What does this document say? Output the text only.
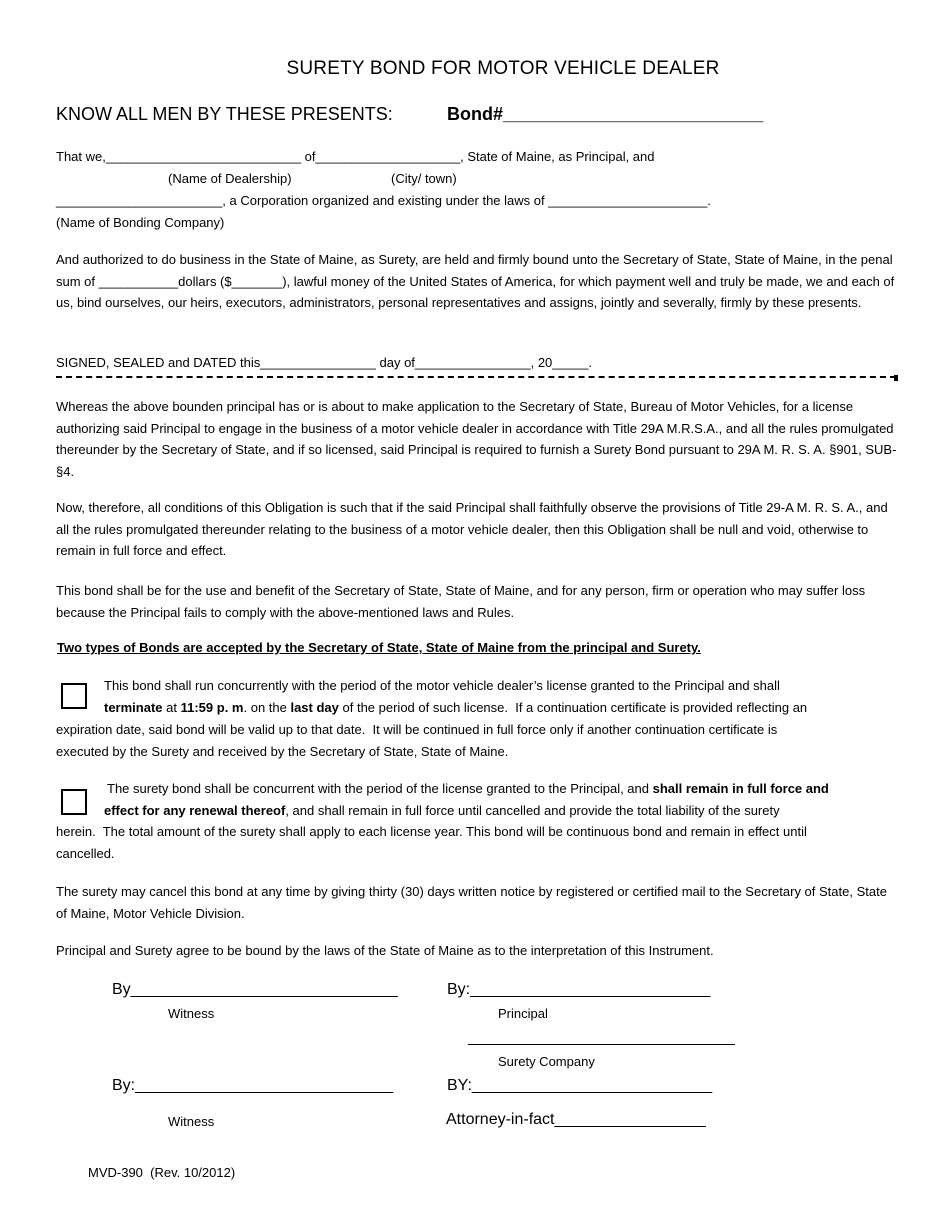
SURETY BOND FOR MOTOR VEHICLE DEALER
KNOW ALL MEN BY THESE PRESENTS:	Bond#__________________________
That we,___________________________ of____________________, State of Maine, as Principal, and
(Name of Dealership)	(City/ town)
_______________________, a Corporation organized and existing under the laws of ______________________.
(Name of Bonding Company)
And authorized to do business in the State of Maine, as Surety, are held and firmly bound unto the Secretary of State, State of Maine, in the penal sum of ___________dollars ($_______), lawful money of the United States of America, for which payment well and truly be made, we and each of us, bind ourselves, our heirs, executors, administrators, personal representatives and assigns, jointly and severally, firmly by these presents.
SIGNED, SEALED and DATED this________________ day of________________, 20_____.
Whereas the above bounden principal has or is about to make application to the Secretary of State, Bureau of Motor Vehicles, for a license authorizing said Principal to engage in the business of a motor vehicle dealer in accordance with Title 29A M.R.S.A., and all the rules promulgated thereunder by the Secretary of State, and if so licensed, said Principal is required to furnish a Surety Bond pursuant to 29A M. R. S. A. §901, SUB- §4.
Now, therefore, all conditions of this Obligation is such that if the said Principal shall faithfully observe the provisions of Title 29-A M. R. S. A., and all the rules promulgated thereunder relating to the business of a motor vehicle dealer, then this Obligation shall be null and void, otherwise to remain in full force and effect.
This bond shall be for the use and benefit of the Secretary of State, State of Maine, and for any person, firm or operation who may suffer loss because the Principal fails to comply with the above-mentioned laws and Rules.
Two types of Bonds are accepted by the Secretary of State, State of Maine from the principal and Surety.
This bond shall run concurrently with the period of the motor vehicle dealer’s license granted to the Principal and shall
terminate at 11:59 p. m. on the last day of the period of such license.  If a continuation certificate is provided reflecting an
expiration date, said bond will be valid up to that date.  It will be continued in full force only if another continuation certificate is
executed by the Surety and received by the Secretary of State, State of Maine.
The surety bond shall be concurrent with the period of the license granted to the Principal, and shall remain in full force and
effect for any renewal thereof, and shall remain in full force until cancelled and provide the total liability of the surety
herein.  The total amount of the surety shall apply to each license year. This bond will be continuous bond and remain in effect until
cancelled.
The surety may cancel this bond at any time by giving thirty (30) days written notice by registered or certified mail to the Secretary of State, State of Maine, Motor Vehicle Division.
Principal and Surety agree to be bound by the laws of the State of Maine as to the interpretation of this Instrument.
By______________________________
Witness
By:___________________________
Principal
______________________________
Surety Company
By:_____________________________
Witness
BY:___________________________
Attorney-in-fact_________________
MVD-390  (Rev. 10/2012)
